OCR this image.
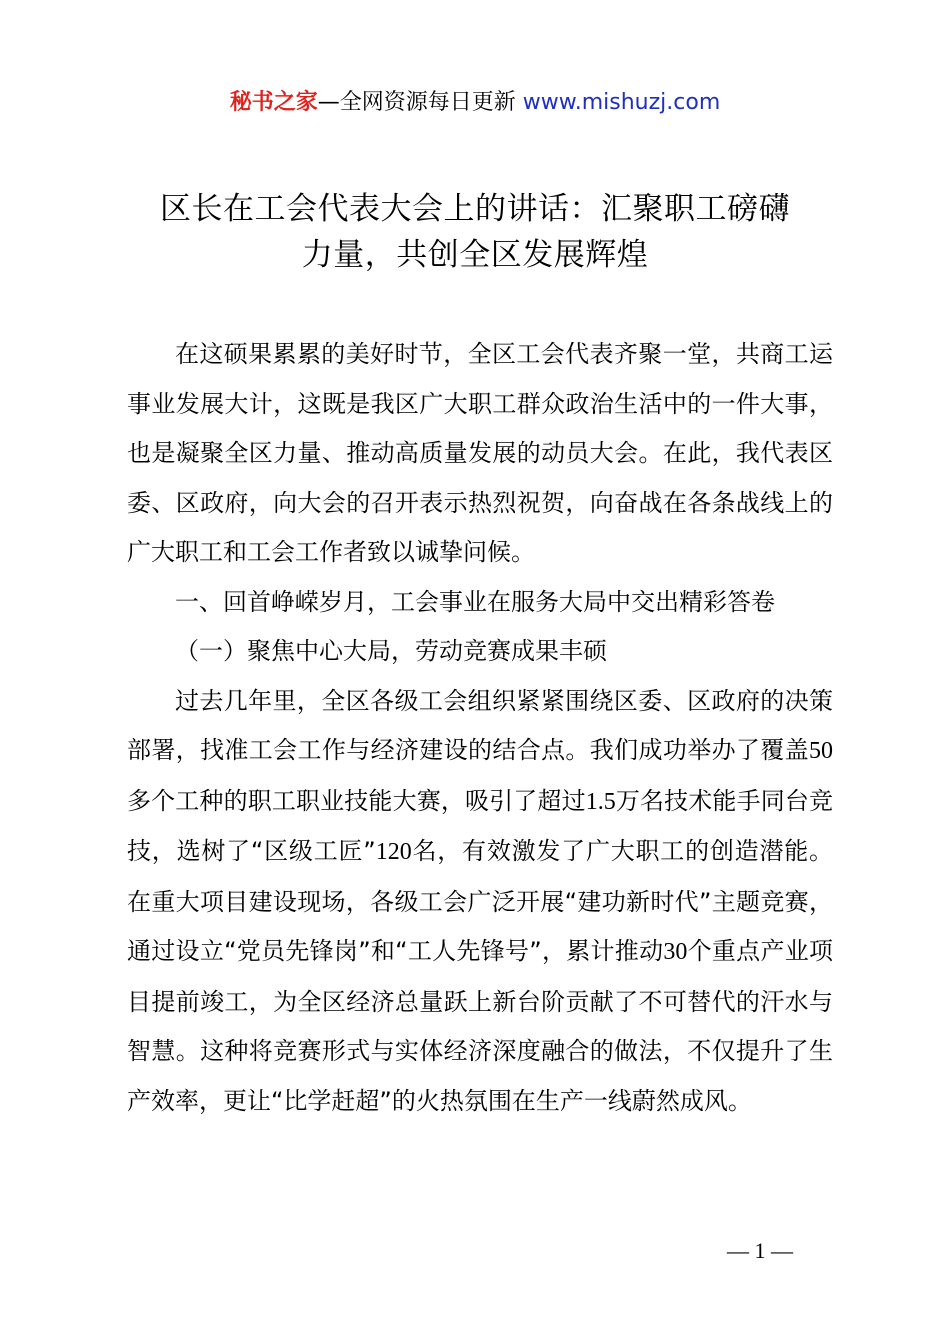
秘书之家—全网资源每日更新 www.mishuzj.com
区长在工会代表大会上的讲话：汇聚职工磅礴
力量，共创全区发展辉煌

在这硕果累累的美好时节，全区工会代表齐聚一堂，共商工运事业发展大计，这既是我区广大职工群众政治生活中的一件大事，也是凝聚全区力量、推动高质量发展的动员大会。在此，我代表区委、区政府，向大会的召开表示热烈祝贺，向奋战在各条战线上的广大职工和工会工作者致以诚挚问候。

一、回首峥嵘岁月，工会事业在服务大局中交出精彩答卷

（一）聚焦中心大局，劳动竞赛成果丰硕

过去几年里，全区各级工会组织紧紧围绕区委、区政府的决策部署，找准工会工作与经济建设的结合点。我们成功举办了覆盖50多个工种的职工职业技能大赛，吸引了超过1.5万名技术能手同台竞技，选树了“区级工匠”120名，有效激发了广大职工的创造潜能。在重大项目建设现场，各级工会广泛开展“建功新时代”主题竞赛，通过设立“党员先锋岗”和“工人先锋号”，累计推动30个重点产业项目提前竣工，为全区经济总量跃上新台阶贡献了不可替代的汗水与智慧。这种将竞赛形式与实体经济深度融合的做法，不仅提升了生产效率，更让“比学赶超”的火热氛围在生产一线蔚然成风。

— 1 —
